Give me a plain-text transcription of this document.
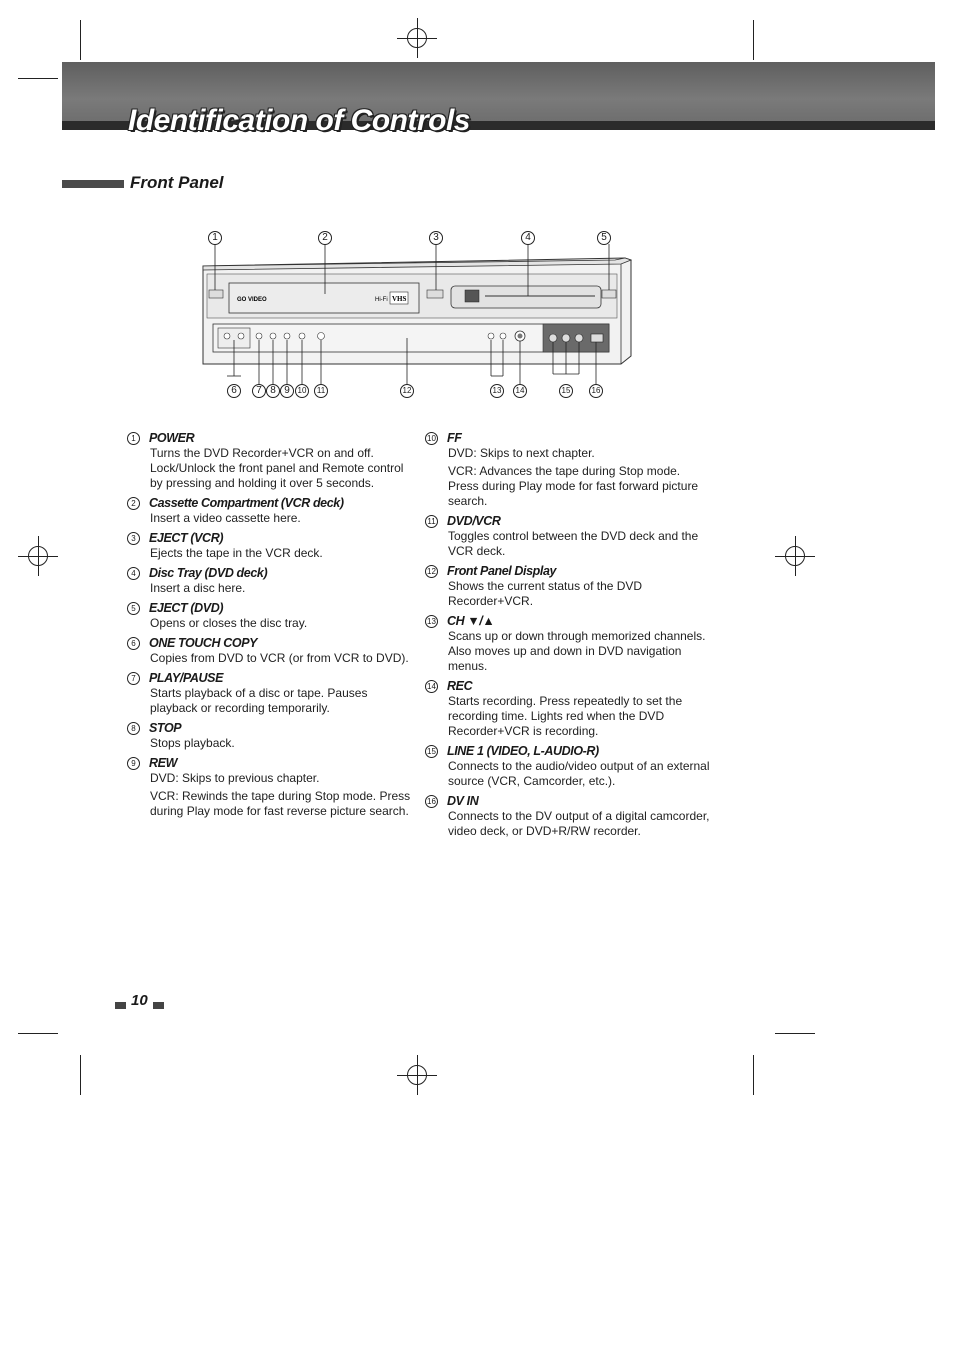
Identification of Controls
Front Panel
GO VIDEO	Hi-Fi VHS
1	2	3	4	5
6	7 8 9 10	11	12	13	14	15	16
1	POWER
Turns the DVD Recorder+VCR on and off. Lock/Unlock the front panel and Remote control by pressing and holding it over 5 seconds.
2	Cassette Compartment (VCR deck)
Insert a video cassette here.
3	EJECT (VCR)
Ejects the tape in the VCR deck.
4	Disc Tray (DVD deck)
Insert a disc here.
5	EJECT (DVD)
Opens or closes the disc tray.
6	ONE TOUCH COPY
Copies from DVD to VCR (or from VCR to DVD).
7	PLAY/PAUSE
Starts playback of a disc or tape. Pauses playback or recording temporarily.
8	STOP
Stops playback.
9	REW
DVD: Skips to previous chapter.
VCR: Rewinds the tape during Stop mode. Press during Play mode for fast reverse picture search.
10 FF
DVD: Skips to next chapter.
VCR: Advances the tape during Stop mode. Press during Play mode for fast forward picture search.
11 DVD/VCR
Toggles control between the DVD deck and the VCR deck.
12 Front Panel Display
Shows the current status of the DVD Recorder+VCR.
13 CH ▼/▲
Scans up or down through memorized channels. Also moves up and down in DVD navigation menus.
14 REC
Starts recording. Press repeatedly to set the recording time. Lights red when the DVD Recorder+VCR is recording.
15 LINE 1 (VIDEO, L-AUDIO-R)
Connects to the audio/video output of an external source (VCR, Camcorder, etc.).
16 DV IN
Connects to the DV output of a digital camcorder, video deck, or DVD+R/RW recorder.
10
